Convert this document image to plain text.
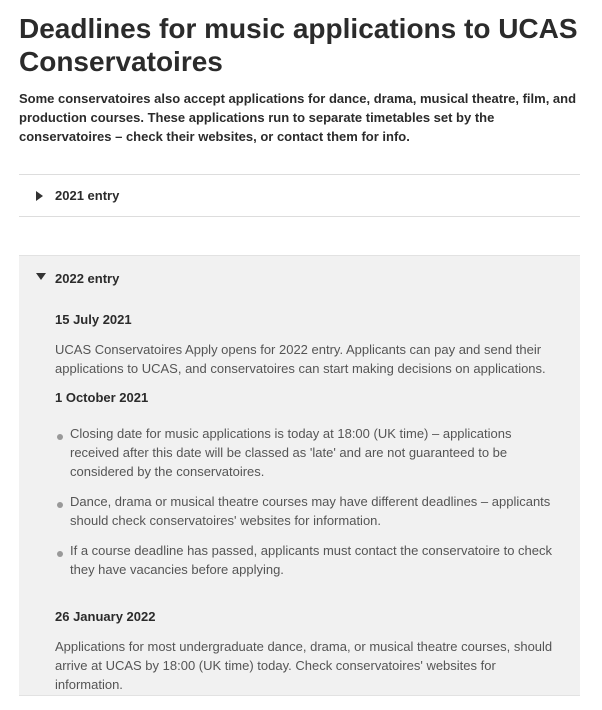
Deadlines for music applications to UCAS Conservatoires

Some conservatoires also accept applications for dance, drama, musical theatre, film, and production courses. These applications run to separate timetables set by the conservatoires – check their websites, or contact them for info.

2021 entry
2022 entry
15 July 2021

UCAS Conservatoires Apply opens for 2022 entry. Applicants can pay and send their applications to UCAS, and conservatoires can start making decisions on applications.

1 October 2021
Closing date for music applications is today at 18:00 (UK time) – applications received after this date will be classed as 'late' and are not guaranteed to be considered by the conservatoires.
Dance, drama or musical theatre courses may have different deadlines – applicants should check conservatoires' websites for information.
If a course deadline has passed, applicants must contact the conservatoire to check they have vacancies before applying.
26 January 2022

Applications for most undergraduate dance, drama, or musical theatre courses, should arrive at UCAS by 18:00 (UK time) today. Check conservatoires' websites for information.
